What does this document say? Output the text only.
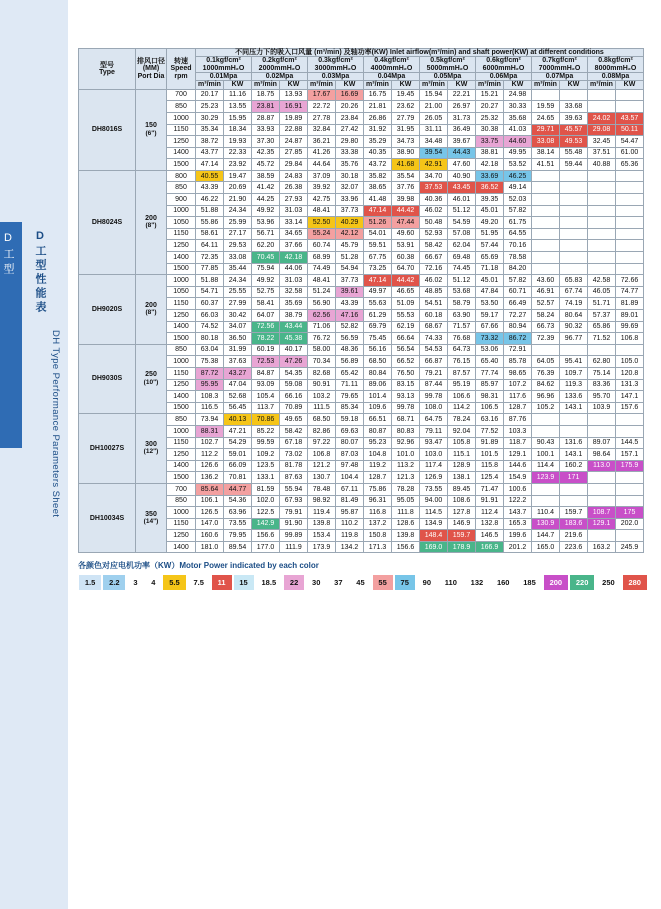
D工型	D工型性能表
DH Type Performance Parameters Sheet
型号
Type	排风口径
(MM)
Port Dia	转速
Speed
rpm	不同压力下的吸入口风量 (m³/min) 及轴功率(KW) Inlet airflow(m³/min) and shaft power(KW) at different conditions															
			0.1kgf/cm²
1000mmH₂O		0.2kgf/cm²
2000mmH₂O		0.3kgf/cm²
3000mmH₂O		0.4kgf/cm²
4000mmH₂O		0.5kgf/cm²
5000mmH₂O		0.6kgf/cm²
6000mmH₂O		0.7kgf/cm²
7000mmH₂O		0.8kgf/cm²
8000mmH₂O	
			0.01Mpa		0.02Mpa		0.03Mpa		0.04Mpa		0.05Mpa		0.06Mpa		0.07Mpa		0.08Mpa	
			m³/min	KW	m³/min	KW	m³/min	KW	m³/min	KW	m³/min	KW	m³/min	KW	m³/min	KW	m³/min	KW
DH8016S	150
(6")	700	20.17	11.16	18.75	13.93	17.67	16.69	16.75	19.45	15.94	22.21	15.21	24.98				
		850	25.23	13.55	23.81	16.91	22.72	20.26	21.81	23.62	21.00	26.97	20.27	30.33	19.59	33.68		
		1000	30.29	15.95	28.87	19.89	27.78	23.84	26.86	27.79	26.05	31.73	25.32	35.68	24.65	39.63	24.02	43.57
		1150	35.34	18.34	33.93	22.88	32.84	27.42	31.92	31.95	31.11	36.49	30.38	41.03	29.71	45.57	29.08	50.11
		1250	38.72	19.93	37.30	24.87	36.21	29.80	35.29	34.73	34.48	39.67	33.75	44.60	33.08	49.53	32.45	54.47
		1400	43.77	22.33	42.35	27.85	41.26	33.38	40.35	38.90	39.54	44.43	38.81	49.95	38.14	55.48	37.51	61.00
		1500	47.14	23.92	45.72	29.84	44.64	35.76	43.72	41.68	42.91	47.60	42.18	53.52	41.51	59.44	40.88	65.36
DH8024S	200
(8")	800	40.55	19.47	38.59	24.83	37.09	30.18	35.82	35.54	34.70	40.90	33.69	46.25				
		850	43.39	20.69	41.42	26.38	39.92	32.07	38.65	37.76	37.53	43.45	36.52	49.14				
		900	46.22	21.90	44.25	27.93	42.75	33.96	41.48	39.98	40.36	46.01	39.35	52.03				
		1000	51.88	24.34	49.92	31.03	48.41	37.73	47.14	44.42	46.02	51.12	45.01	57.82				
		1050	55.86	25.99	53.96	33.14	52.50	40.29	51.26	47.44	50.48	54.59	49.20	61.75				
		1150	58.61	27.17	56.71	34.65	55.24	42.12	54.01	49.60	52.93	57.08	51.95	64.55				
		1250	64.11	29.53	62.20	37.66	60.74	45.79	59.51	53.91	58.42	62.04	57.44	70.16				
		1400	72.35	33.08	70.45	42.18	68.99	51.28	67.75	60.38	66.67	69.48	65.69	78.58				
		1500	77.85	35.44	75.94	44.06	74.49	54.94	73.25	64.70	72.16	74.45	71.18	84.20				
DH9020S	200
(8")	1000	51.88	24.34	49.92	31.03	48.41	37.73	47.14	44.42	46.02	51.12	45.01	57.82	43.60	65.83	42.58	72.66
		1050	54.71	25.55	52.75	32.58	51.24	39.61	49.97	46.65	48.85	53.68	47.84	60.71	46.91	67.74	46.05	74.77
		1150	60.37	27.99	58.41	35.69	56.90	43.39	55.63	51.09	54.51	58.79	53.50	66.49	52.57	74.19	51.71	81.89
		1250	66.03	30.42	64.07	38.79	62.56	47.16	61.29	55.53	60.18	63.90	59.17	72.27	58.24	80.64	57.37	89.01
		1400	74.52	34.07	72.56	43.44	71.06	52.82	69.79	62.19	68.67	71.57	67.66	80.94	66.73	90.32	65.86	99.69
		1500	80.18	36.50	78.22	45.38	76.72	56.59	75.45	66.64	74.33	76.68	73.32	86.72	72.39	96.77	71.52	106.8
DH9030S	250
(10")	850	63.04	31.99	60.19	40.17	58.00	48.36	56.16	56.54	54.53	64.73	53.06	72.91				
		1000	75.38	37.63	72.53	47.26	70.34	56.89	68.50	66.52	66.87	76.15	65.40	85.78	64.05	95.41	62.80	105.0
		1150	87.72	43.27	84.87	54.35	82.68	65.42	80.84	76.50	79.21	87.57	77.74	98.65	76.39	109.7	75.14	120.8
		1250	95.95	47.04	93.09	59.08	90.91	71.11	89.06	83.15	87.44	95.19	85.97	107.2	84.62	119.3	83.36	131.3
		1400	108.3	52.68	105.4	66.16	103.2	79.65	101.4	93.13	99.78	106.6	98.31	117.6	96.96	133.6	95.70	147.1
		1500	116.5	56.45	113.7	70.89	111.5	85.34	109.6	99.78	108.0	114.2	106.5	128.7	105.2	143.1	103.9	157.6
DH10027S	300
(12")	850	73.94	40.13	70.86	49.65	68.50	59.18	66.51	68.71	64.75	78.24	63.16	87.76				
		1000	88.31	47.21	85.22	58.42	82.86	69.63	80.87	80.83	79.11	92.04	77.52	103.3				
		1150	102.7	54.29	99.59	67.18	97.22	80.07	95.23	92.96	93.47	105.8	91.89	118.7	90.43	131.6	89.07	144.5
		1250	112.2	59.01	109.2	73.02	106.8	87.03	104.8	101.0	103.0	115.1	101.5	129.1	100.1	143.1	98.64	157.1
		1400	126.6	66.09	123.5	81.78	121.2	97.48	119.2	113.2	117.4	128.9	115.8	144.6	114.4	160.2	113.0	175.9
		1500	136.2	70.81	133.1	87.63	130.7	104.4	128.7	121.3	126.9	138.1	125.4	154.9	123.9	171		
DH10034S	350
(14")	700	85.64	44.77	81.59	55.94	78.48	67.11	75.86	78.28	73.55	89.45	71.47	100.6				
		850	106.1	54.36	102.0	67.93	98.92	81.49	96.31	95.05	94.00	108.6	91.91	122.2				
		1000	126.5	63.96	122.5	79.91	119.4	95.87	116.8	111.8	114.5	127.8	112.4	143.7	110.4	159.7	108.7	175
		1150	147.0	73.55	142.9	91.90	139.8	110.2	137.2	128.6	134.9	146.9	132.8	165.3	130.9	183.6	129.1	202.0
		1250	160.6	79.95	156.6	99.89	153.4	119.8	150.8	139.8	148.4	159.7	146.5	199.6	144.7	219.6		
		1400	181.0	89.54	177.0	111.9	173.9	134.2	171.3	156.6	169.0	178.9	166.9	201.2	165.0	223.6	163.2	245.9
各颜色对应电机功率（KW）Motor Power indicated by each color
1.5	2.2	3	4	5.5	7.5	11	15	18.5	22	30	37	45	55	75	90	110	132	160	185	200	220	250	280
